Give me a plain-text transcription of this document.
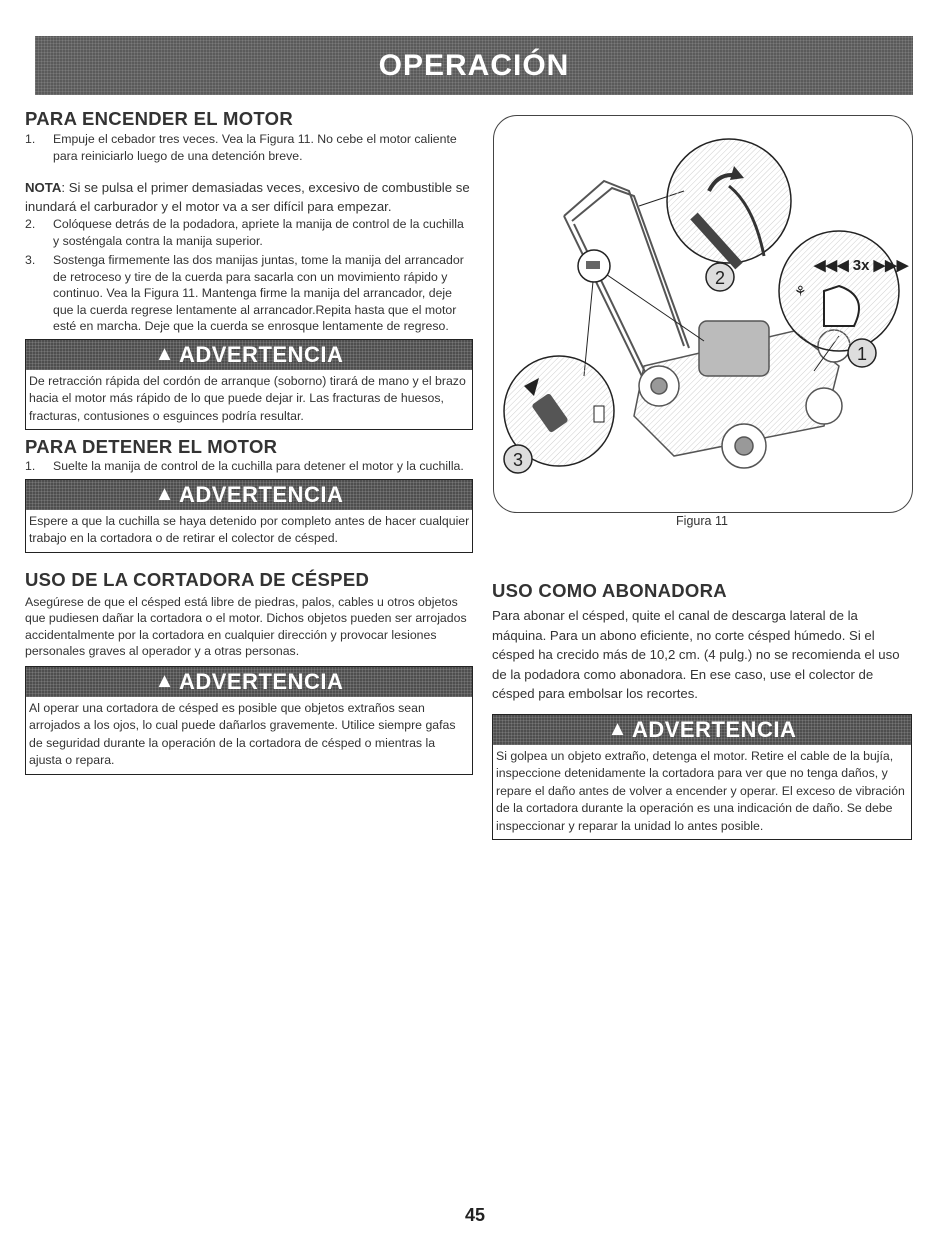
OPERACIÓN
PARA ENCENDER EL MOTOR
1. Empuje el cebador tres veces. Vea la Figura 11. No cebe el motor caliente para reiniciarlo luego de una detención breve.

NOTA: Si se pulsa el primer demasiadas veces, excesivo de combustible se inundará el carburador y el motor va a ser difícil para empezar.

2. Colóquese detrás de la podadora, apriete la manija de control de la cuchilla y sosténgala contra la manija superior.
3. Sostenga firmemente las dos manijas juntas, tome la manija del arrancador de retroceso y tire de la cuerda para sacarla con un movimiento rápido y continuo. Vea la Figura 11. Mantenga firme la manija del arrancador, deje que la cuerda regrese lentamente al arrancador.Repita hasta que el motor esté en marcha. Deje que la cuerda se enrosque lentamente de regreso.
▲ ADVERTENCIA

De retracción rápida del cordón de arranque (soborno) tirará de mano y el brazo hacia el motor más rápido de lo que puede dejar ir. Las fracturas de huesos, fracturas, contusiones o esguinces podría resultar.

PARA DETENER EL MOTOR
1. Suelte la manija de control de la cuchilla para detener el motor y la cuchilla.
▲ ADVERTENCIA

Espere a que la cuchilla se haya detenido por completo antes de hacer cualquier trabajo en la cortadora o de retirar el colector de césped.

USO DE LA CORTADORA DE CÉSPED

Asegúrese de que el césped está libre de piedras, palos, cables u otros objetos que pudiesen dañar la cortadora o el motor. Dichos objetos pueden ser arrojados accidentalmente por la cortadora en cualquier dirección y provocar lesiones personales graves al operador y a otras personas.

▲ ADVERTENCIA

Al operar una cortadora de césped es posible que objetos extraños sean arrojados a los ojos, lo cual puede dañarlos gravemente. Utilice siempre gafas de seguridad durante la operación de la cortadora de césped o mientras la ajusta o repara.

⚘
◀◀◀ 3x ▶▶▶
1
2
3
Figura 11
USO COMO ABONADORA

Para abonar el césped, quite el canal de descarga lateral de la máquina. Para un abono eficiente, no corte césped húmedo. Si el césped ha crecido más de 10,2 cm. (4 pulg.) no se recomienda el uso de la podadora como abonadora. En ese caso, use el colector de césped para embolsar los recortes.

▲ ADVERTENCIA

Si golpea un objeto extraño, detenga el motor. Retire el cable de la bujía, inspeccione detenidamente la cortadora para ver que no tenga daños, y repare el daño antes de volver a encender y operar. El exceso de vibración de la cortadora durante la operación es una indicación de daño. Se debe inspeccionar y reparar la unidad lo antes posible.

45
